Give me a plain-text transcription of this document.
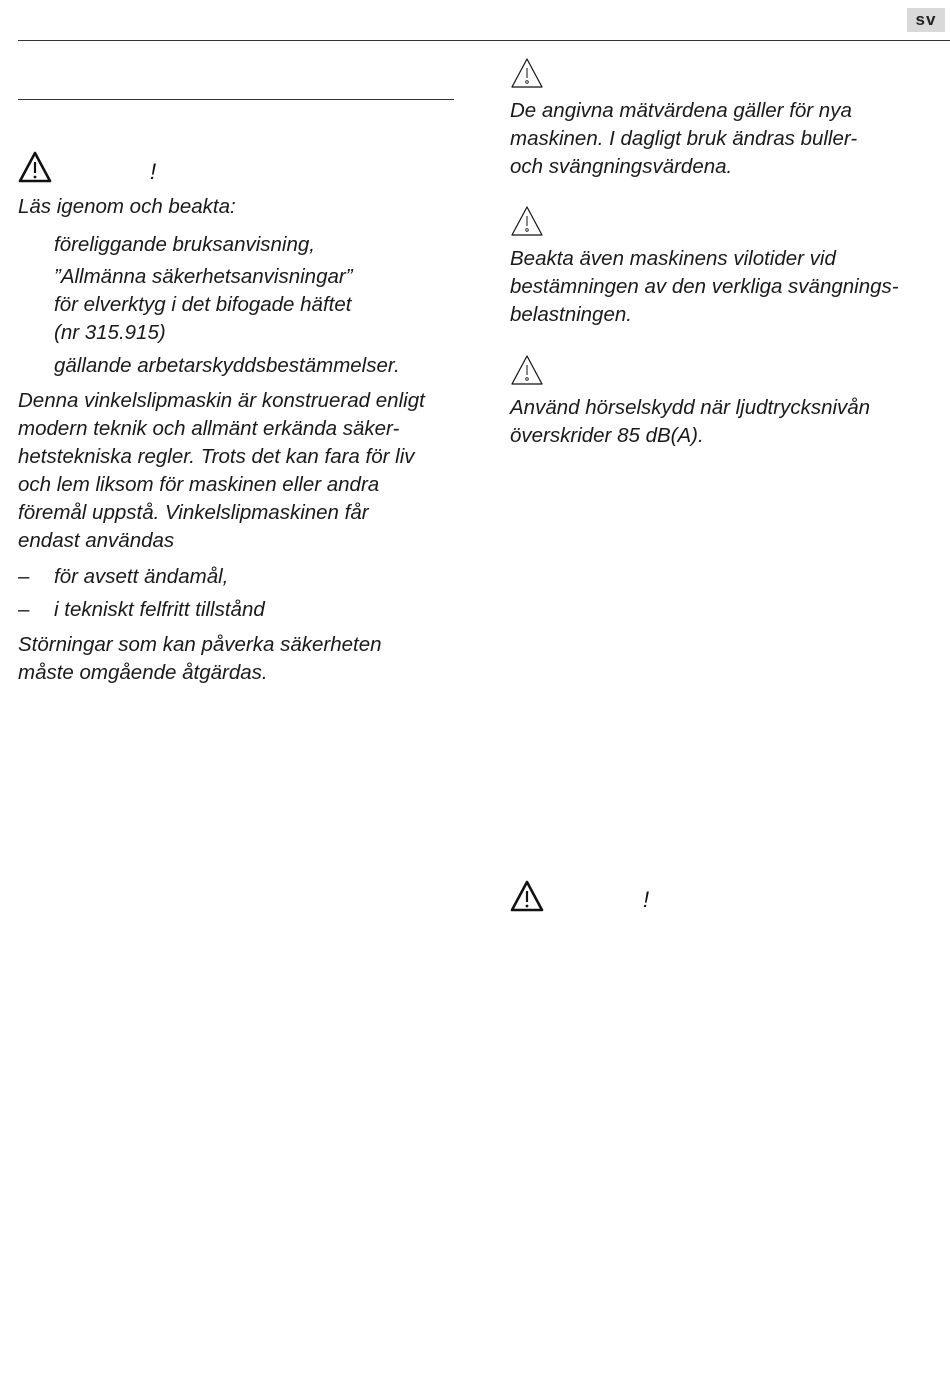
sv
!

Läs igenom och beakta:

föreliggande bruksanvisning,

”Allmänna säkerhetsanvisningar”

för elverktyg i det bifogade häftet

(nr 315.915)

gällande arbetarskyddsbestämmelser.

Denna vinkelslipmaskin är konstruerad enligt

modern teknik och allmänt erkända säker-

hetstekniska regler. Trots det kan fara för liv

och lem liksom för maskinen eller andra

föremål uppstå. Vinkelslipmaskinen får

endast användas

–	för avsett ändamål,
–	i tekniskt felfritt tillstånd

Störningar som kan påverka säkerheten

måste omgående åtgärdas.

De angivna mätvärdena gäller för nya

maskinen. I dagligt bruk ändras buller-

och svängningsvärdena.

Beakta även maskinens vilotider vid

bestämningen av den verkliga svängnings-

belastningen.

Använd hörselskydd när ljudtrycksnivån

överskrider 85 dB(A).

!
